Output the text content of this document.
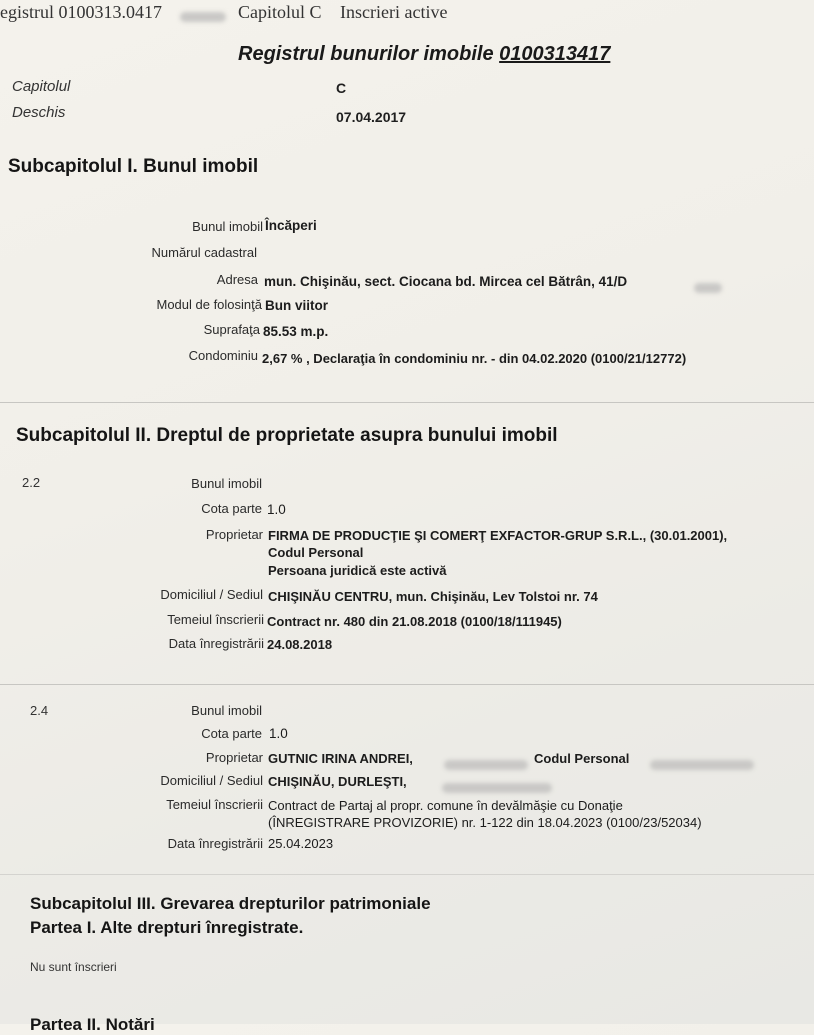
egistrul 0100313.0417	Capitolul C Inscrieri active
Registrul bunurilor imobile 0100313417
Capitolul	C
Deschis	07.04.2017
Subcapitolul I. Bunul imobil
Bunul imobil Încăperi
Numărul cadastral
Adresa mun. Chişinău, sect. Ciocana bd. Mircea cel Bătrân, 41/D
Modul de folosinţă Bun viitor
Suprafaţa 85.53 m.p.
Condominiu 2,67 % , Declaraţia în condominiu nr. - din 04.02.2020 (0100/21/12772)
Subcapitolul II. Dreptul de proprietate asupra bunului imobil
2.2	Bunul imobil
Cota parte 1.0
Proprietar FIRMA DE PRODUCŢIE ŞI COMERŢ EXFACTOR-GRUP S.R.L., (30.01.2001),
Codul Personal
Persoana juridică este activă
Domiciliul / Sediul CHIŞINĂU CENTRU, mun. Chişinău, Lev Tolstoi nr. 74
Temeiul înscrierii Contract nr. 480 din 21.08.2018 (0100/18/111945)
Data înregistrării 24.08.2018
2.4	Bunul imobil
Cota parte 1.0
Proprietar GUTNIC IRINA ANDREI,	Codul Personal
Domiciliul / Sediul CHIŞINĂU, DURLEŞTI,
Temeiul înscrierii Contract de Partaj al propr. comune în devălmăşie cu Donaţie
(ÎNREGISTRARE PROVIZORIE) nr. 1-122 din 18.04.2023 (0100/23/52034)
Data înregistrării 25.04.2023
Subcapitolul III. Grevarea drepturilor patrimoniale
Partea I. Alte drepturi înregistrate.
Nu sunt înscrieri
Partea II. Notări
